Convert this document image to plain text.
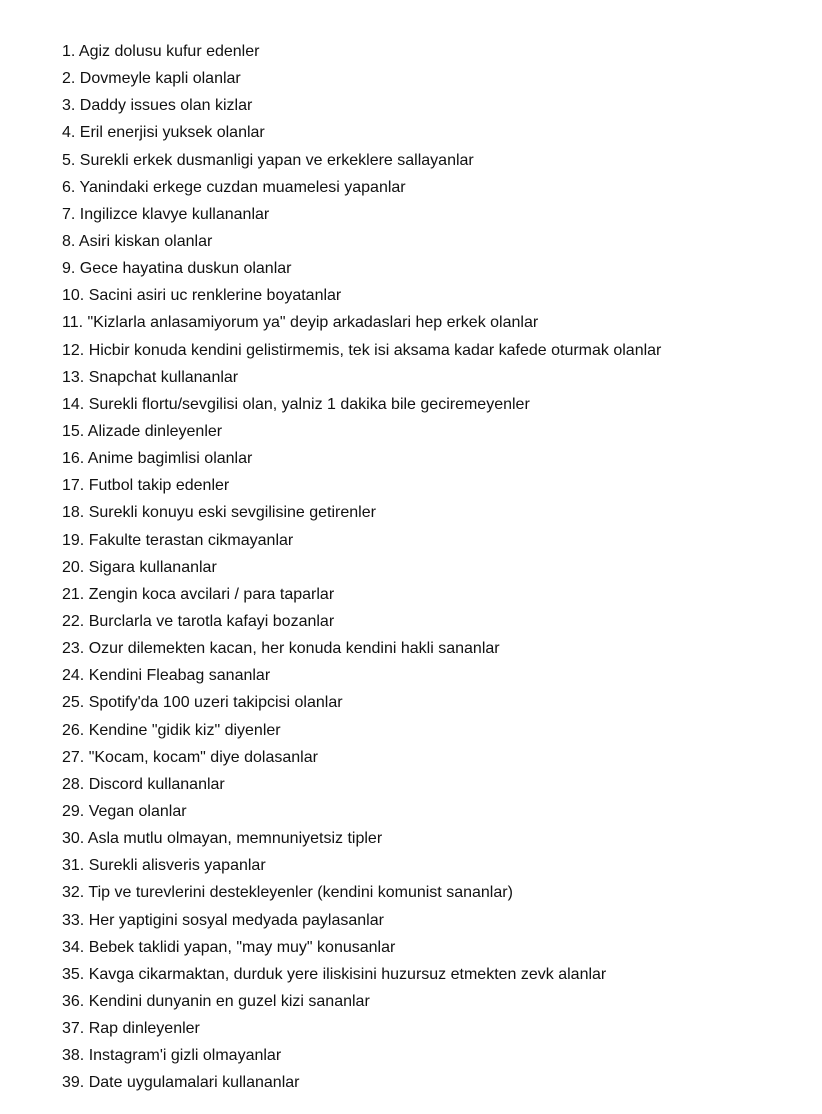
1. Agiz dolusu kufur edenler
2. Dovmeyle kapli olanlar
3. Daddy issues olan kizlar
4. Eril enerjisi yuksek olanlar
5. Surekli erkek dusmanligi yapan ve erkeklere sallayanlar
6. Yanindaki erkege cuzdan muamelesi yapanlar
7. Ingilizce klavye kullananlar
8. Asiri kiskan olanlar
9. Gece hayatina duskun olanlar
10. Sacini asiri uc renklerine boyatanlar
11. "Kizlarla anlasamiyorum ya" deyip arkadaslari hep erkek olanlar
12. Hicbir konuda kendini gelistirmemis, tek isi aksama kadar kafede oturmak olanlar
13. Snapchat kullananlar
14. Surekli flortu/sevgilisi olan, yalniz 1 dakika bile geciremeyenler
15. Alizade dinleyenler
16. Anime bagimlisi olanlar
17. Futbol takip edenler
18. Surekli konuyu eski sevgilisine getirenler
19. Fakulte terastan cikmayanlar
20. Sigara kullananlar
21. Zengin koca avcilari / para taparlar
22. Burclarla ve tarotla kafayi bozanlar
23. Ozur dilemekten kacan, her konuda kendini hakli sananlar
24. Kendini Fleabag sananlar
25. Spotify'da 100 uzeri takipcisi olanlar
26. Kendine "gidik kiz" diyenler
27. "Kocam, kocam" diye dolasanlar
28. Discord kullananlar
29. Vegan olanlar
30. Asla mutlu olmayan, memnuniyetsiz tipler
31. Surekli alisveris yapanlar
32. Tip ve turevlerini destekleyenler (kendini komunist sananlar)
33. Her yaptigini sosyal medyada paylasanlar
34. Bebek taklidi yapan, "may muy" konusanlar
35. Kavga cikarmaktan, durduk yere iliskisini huzursuz etmekten zevk alanlar
36. Kendini dunyanin en guzel kizi sananlar
37. Rap dinleyenler
38. Instagram'i gizli olmayanlar
39. Date uygulamalari kullananlar
